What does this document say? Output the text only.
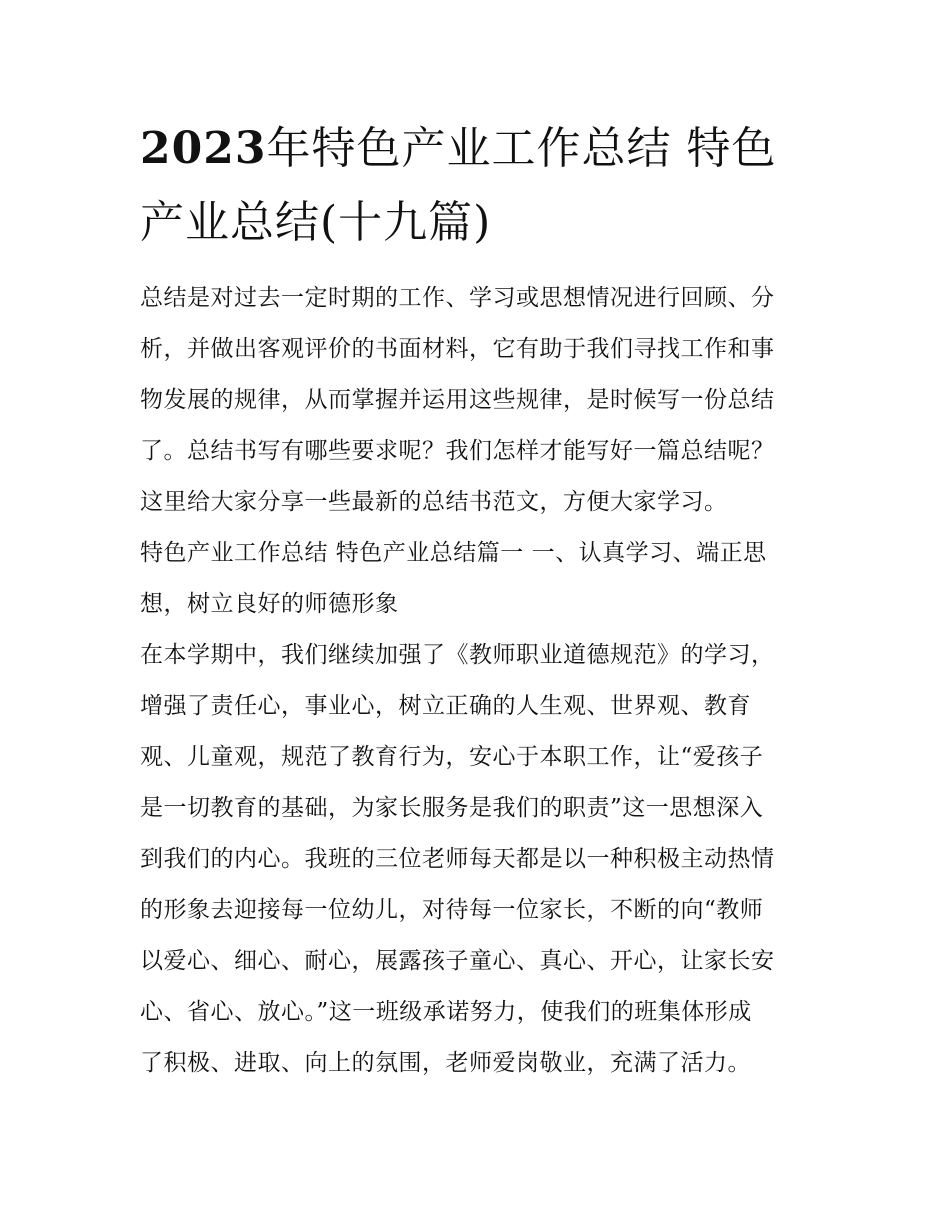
2023年特色产业工作总结 特色产业总结(十九篇)

总结是对过去一定时期的工作、学习或思想情况进行回顾、分

析，并做出客观评价的书面材料，它有助于我们寻找工作和事

物发展的规律，从而掌握并运用这些规律，是时候写一份总结

了。总结书写有哪些要求呢？我们怎样才能写好一篇总结呢？

这里给大家分享一些最新的总结书范文，方便大家学习。

特色产业工作总结 特色产业总结篇一 一、认真学习、端正思

想，树立良好的师德形象

在本学期中，我们继续加强了《教师职业道德规范》的学习，

增强了责任心，事业心，树立正确的人生观、世界观、教育

观、儿童观，规范了教育行为，安心于本职工作，让“爱孩子

是一切教育的基础，为家长服务是我们的职责”这一思想深入

到我们的内心。我班的三位老师每天都是以一种积极主动热情

的形象去迎接每一位幼儿，对待每一位家长，不断的向“教师

以爱心、细心、耐心，展露孩子童心、真心、开心，让家长安

心、省心、放心。”这一班级承诺努力，使我们的班集体形成

了积极、进取、向上的氛围，老师爱岗敬业，充满了活力。
